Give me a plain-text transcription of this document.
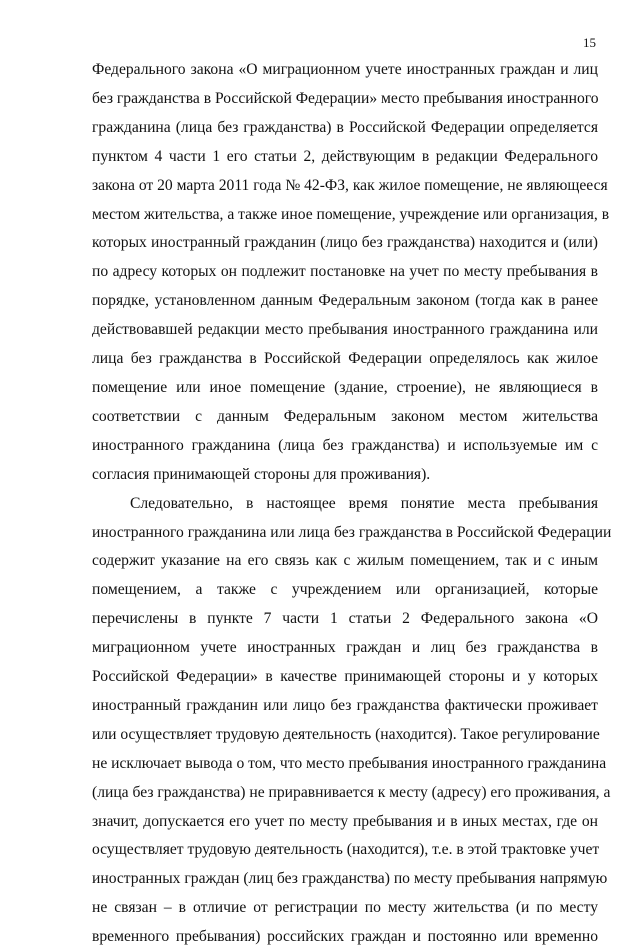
15
Федерального закона «О миграционном учете иностранных граждан и лиц
без гражданства в Российской Федерации» место пребывания иностранного
гражданина (лица без гражданства) в Российской Федерации определяется
пунктом 4 части 1 его статьи 2, действующим в редакции Федерального
закона от 20 марта 2011 года № 42-ФЗ, как жилое помещение, не являющееся
местом жительства, а также иное помещение, учреждение или организация, в
которых иностранный гражданин (лицо без гражданства) находится и (или)
по адресу которых он подлежит постановке на учет по месту пребывания в
порядке, установленном данным Федеральным законом (тогда как в ранее
действовавшей редакции место пребывания иностранного гражданина или
лица без гражданства в Российской Федерации определялось как жилое
помещение или иное помещение (здание, строение), не являющиеся в
соответствии с данным Федеральным законом местом жительства
иностранного гражданина (лица без гражданства) и используемые им с
согласия принимающей стороны для проживания).
Следовательно, в настоящее время понятие места пребывания
иностранного гражданина или лица без гражданства в Российской Федерации
содержит указание на его связь как с жилым помещением, так и с иным
помещением, а также с учреждением или организацией, которые
перечислены в пункте 7 части 1 статьи 2 Федерального закона «О
миграционном учете иностранных граждан и лиц без гражданства в
Российской Федерации» в качестве принимающей стороны и у которых
иностранный гражданин или лицо без гражданства фактически проживает
или осуществляет трудовую деятельность (находится). Такое регулирование
не исключает вывода о том, что место пребывания иностранного гражданина
(лица без гражданства) не приравнивается к месту (адресу) его проживания, а
значит, допускается его учет по месту пребывания и в иных местах, где он
осуществляет трудовую деятельность (находится), т.е. в этой трактовке учет
иностранных граждан (лиц без гражданства) по месту пребывания напрямую
не связан – в отличие от регистрации по месту жительства (и по месту
временного пребывания) российских граждан и постоянно или временно
